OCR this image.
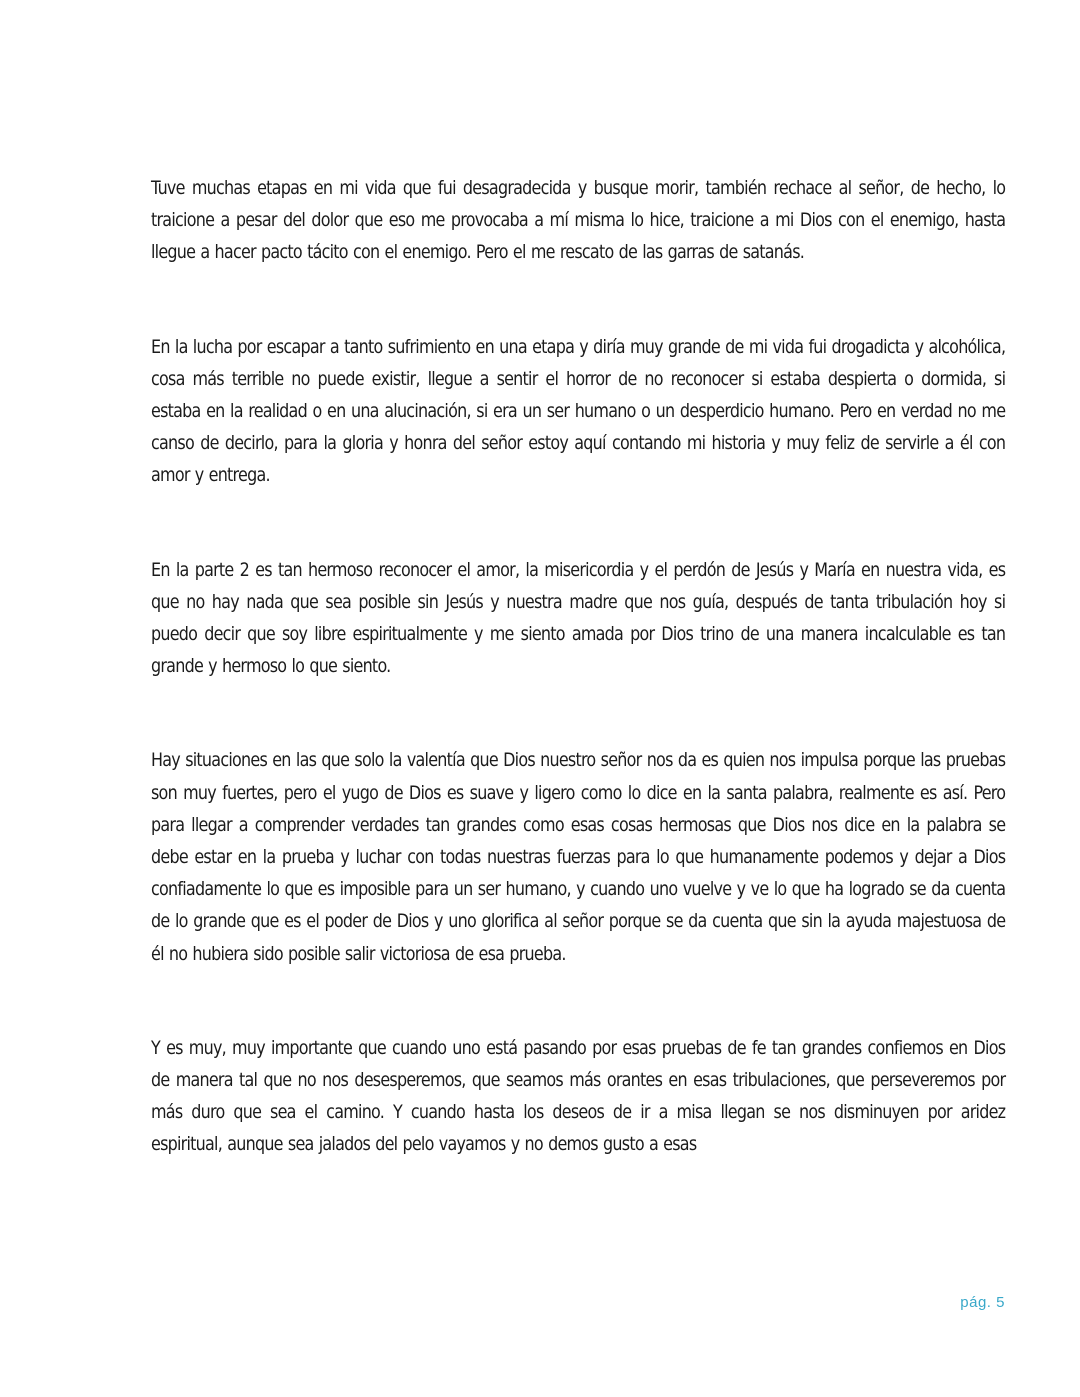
Tuve muchas etapas en mi vida que fui desagradecida y busque morir, también rechace al señor, de hecho, lo traicione a pesar del dolor que eso me provocaba a mí misma lo hice, traicione a mi Dios con el enemigo, hasta llegue a hacer pacto tácito con el enemigo. Pero el me rescato de las garras de satanás.

En la lucha por escapar a tanto sufrimiento en una etapa y diría muy grande de mi vida fui drogadicta y alcohólica, cosa más terrible no puede existir, llegue a sentir el horror de no reconocer si estaba despierta o dormida, si estaba en la realidad o en una alucinación, si era un ser humano o un desperdicio humano. Pero en verdad no me canso de decirlo, para la gloria y honra del señor estoy aquí contando mi historia y muy feliz de servirle a él con amor y entrega.

En la parte 2 es tan hermoso reconocer el amor, la misericordia y el perdón de Jesús y María en nuestra vida, es que no hay nada que sea posible sin Jesús y nuestra madre que nos guía, después de tanta tribulación hoy si puedo decir que soy libre espiritualmente y me siento amada por Dios trino de una manera incalculable es tan grande y hermoso lo que siento.

Hay situaciones en las que solo la valentía que Dios nuestro señor nos da es quien nos impulsa porque las pruebas son muy fuertes, pero el yugo de Dios es suave y ligero como lo dice en la santa palabra, realmente es así. Pero para llegar a comprender verdades tan grandes como esas cosas hermosas que Dios nos dice en la palabra se debe estar en la prueba y luchar con todas nuestras fuerzas para lo que humanamente podemos y dejar a Dios confiadamente lo que es imposible para un ser humano, y cuando uno vuelve y ve lo que ha logrado se da cuenta de lo grande que es el poder de Dios y uno glorifica al señor porque se da cuenta que sin la ayuda majestuosa de él no hubiera sido posible salir victoriosa de esa prueba.

Y es muy, muy importante que cuando uno está pasando por esas pruebas de fe tan grandes confiemos en Dios de manera tal que no nos desesperemos, que seamos más orantes en esas tribulaciones, que perseveremos por más duro que sea el camino. Y cuando hasta los deseos de ir a misa llegan se nos disminuyen por aridez espiritual, aunque sea jalados del pelo vayamos y no demos gusto a esas

pág. 5
